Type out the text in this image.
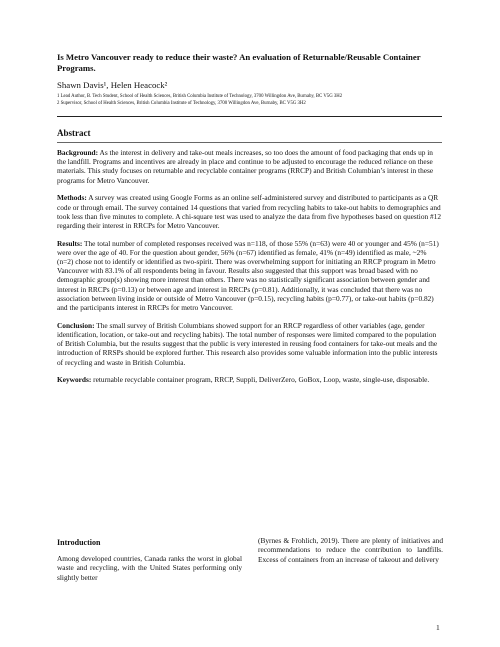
Is Metro Vancouver ready to reduce their waste? An evaluation of Returnable/Reusable Container Programs.

Shawn Davis¹, Helen Heacock²

1 Lead Author, B. Tech Student, School of Health Sciences, British Columbia Institute of Technology, 3700 Willingdon Ave, Burnaby, BC V5G 3H2

2 Supervisor, School of Health Sciences, British Columbia Institute of Technology, 3700 Willingdon Ave, Burnaby, BC V5G 3H2

Abstract

Background: As the interest in delivery and take-out meals increases, so too does the amount of food packaging that ends up in the landfill. Programs and incentives are already in place and continue to be adjusted to encourage the reduced reliance on these materials. This study focuses on returnable and recyclable container programs (RRCP) and British Columbian’s interest in these programs for Metro Vancouver.

Methods: A survey was created using Google Forms as an online self-administered survey and distributed to participants as a QR code or through email. The survey contained 14 questions that varied from recycling habits to take-out habits to demographics and took less than five minutes to complete. A chi-square test was used to analyze the data from five hypotheses based on question #12 regarding their interest in RRCPs for Metro Vancouver.

Results: The total number of completed responses received was n=118, of those 55% (n=63) were 40 or younger and 45% (n=51) were over the age of 40. For the question about gender, 56% (n=67) identified as female, 41% (n=49) identified as male, ~2% (n=2) chose not to identify or identified as two-spirit. There was overwhelming support for initiating an RRCP program in Metro Vancouver with 83.1% of all respondents being in favour. Results also suggested that this support was broad based with no demographic group(s) showing more interest than others. There was no statistically significant association between gender and interest in RRCPs (p=0.13) or between age and interest in RRCPs (p=0.81). Additionally, it was concluded that there was no association between living inside or outside of Metro Vancouver (p=0.15), recycling habits (p=0.77), or take-out habits (p=0.82) and the participants interest in RRCPs for metro Vancouver.

Conclusion: The small survey of British Columbians showed support for an RRCP regardless of other variables (age, gender identification, location, or take-out and recycling habits). The total number of responses were limited compared to the population of British Columbia, but the results suggest that the public is very interested in reusing food containers for take-out meals and the introduction of RRSPs should be explored further. This research also provides some valuable information into the public interests of recycling and waste in British Columbia.

Keywords: returnable recyclable container program, RRCP, Suppli, DeliverZero, GoBox, Loop, waste, single-use, disposable.

Introduction

Among developed countries, Canada ranks the worst in global waste and recycling, with the United States performing only slightly better

(Byrnes & Frohlich, 2019). There are plenty of initiatives and recommendations to reduce the contribution to landfills. Excess of containers from an increase of takeout and delivery

1
